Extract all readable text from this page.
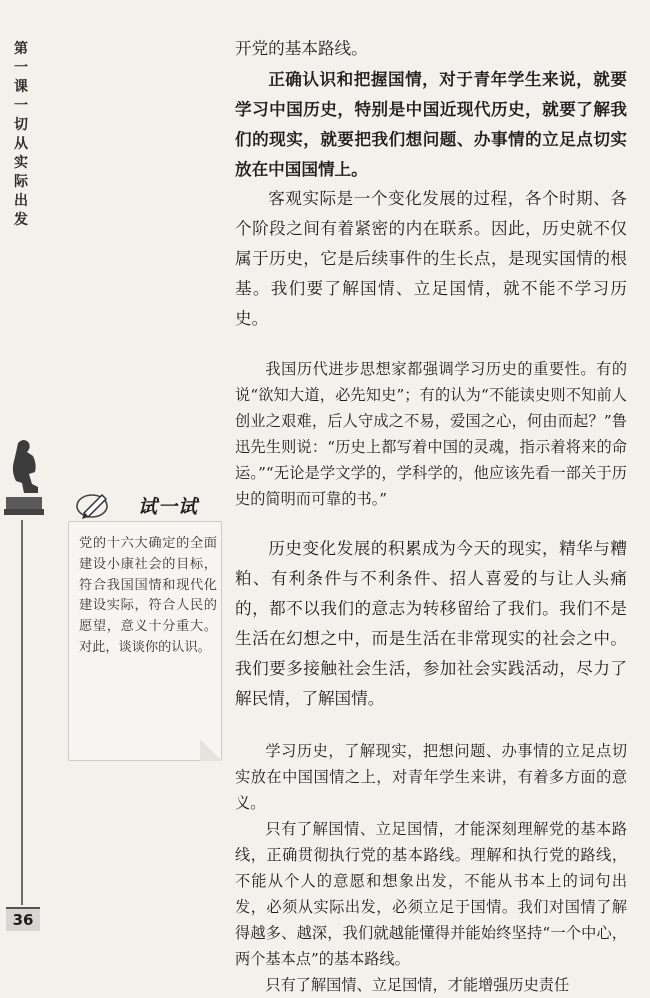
第一课 一切从实际出发
36
试一试
党的十六大确定的全面建设小康社会的目标，符合我国国情和现代化建设实际，符合人民的愿望，意义十分重大。对此，谈谈你的认识。

开党的基本路线。

正确认识和把握国情，对于青年学生来说，就要学习中国历史，特别是中国近现代历史，就要了解我们的现实，就要把我们想问题、办事情的立足点切实放在中国国情上。

客观实际是一个变化发展的过程，各个时期、各个阶段之间有着紧密的内在联系。因此，历史就不仅属于历史，它是后续事件的生长点，是现实国情的根基。我们要了解国情、立足国情，就不能不学习历史。

我国历代进步思想家都强调学习历史的重要性。有的说“欲知大道，必先知史”；有的认为“不能读史则不知前人创业之艰难，后人守成之不易，爱国之心，何由而起？”鲁迅先生则说：“历史上都写着中国的灵魂，指示着将来的命运。”“无论是学文学的，学科学的，他应该先看一部关于历史的简明而可靠的书。”

历史变化发展的积累成为今天的现实，精华与糟粕、有利条件与不利条件、招人喜爱的与让人头痛的，都不以我们的意志为转移留给了我们。我们不是生活在幻想之中，而是生活在非常现实的社会之中。我们要多接触社会生活，参加社会实践活动，尽力了解民情，了解国情。

学习历史，了解现实，把想问题、办事情的立足点切实放在中国国情之上，对青年学生来讲，有着多方面的意义。

只有了解国情、立足国情，才能深刻理解党的基本路线，正确贯彻执行党的基本路线。理解和执行党的路线，不能从个人的意愿和想象出发，不能从书本上的词句出发，必须从实际出发，必须立足于国情。我们对国情了解得越多、越深，我们就越能懂得并能始终坚持“一个中心，两个基本点”的基本路线。

只有了解国情、立足国情，才能增强历史责任
